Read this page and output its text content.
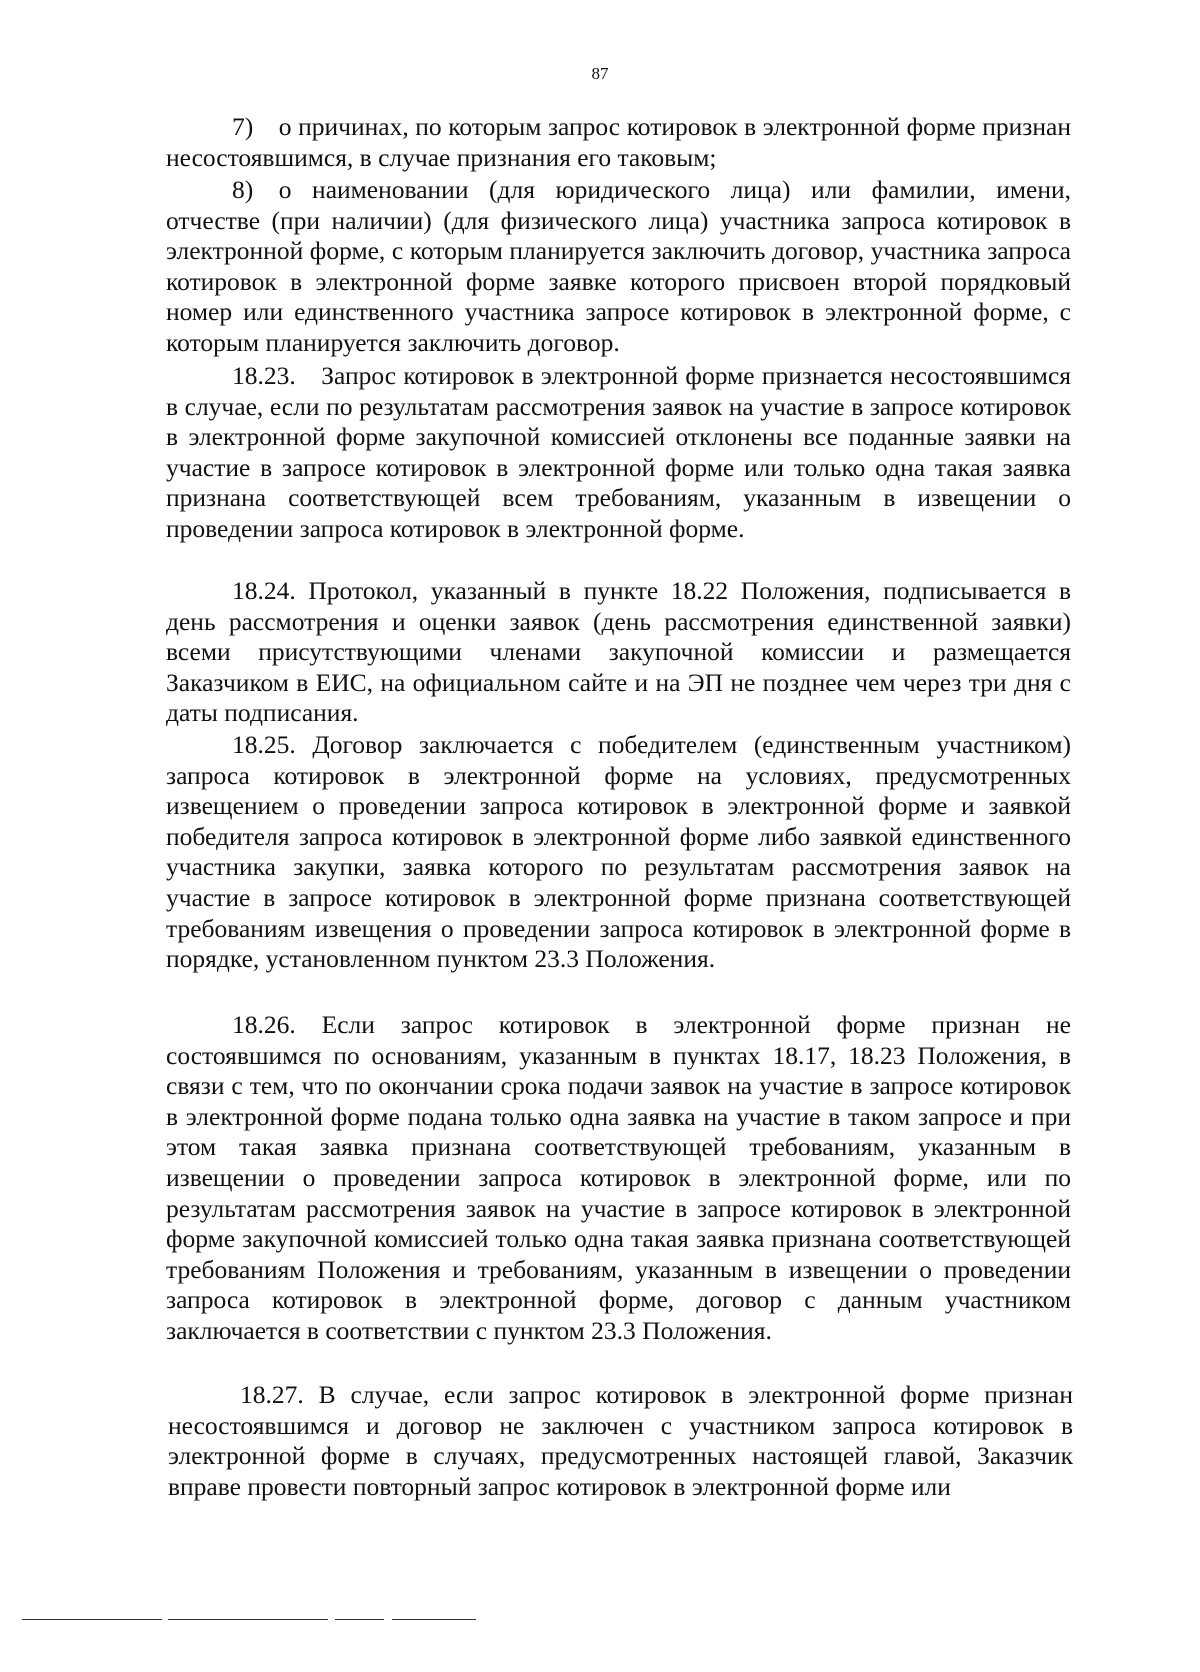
87

7) о причинах, по которым запрос котировок в электронной форме признан несостоявшимся, в случае признания его таковым;

8) о наименовании (для юридического лица) или фамилии, имени, отчестве (при наличии) (для физического лица) участника запроса котировок в электронной форме, с которым планируется заключить договор, участника запроса котировок в электронной форме заявке которого присвоен второй порядковый номер или единственного участника запросе котировок в электронной форме, с которым планируется заключить договор.

18.23. Запрос котировок в электронной форме признается несостоявшимся в случае, если по результатам рассмотрения заявок на участие в запросе котировок в электронной форме закупочной комиссией отклонены все поданные заявки на участие в запросе котировок в электронной форме или только одна такая заявка признана соответствующей всем требованиям, указанным в извещении о проведении запроса котировок в электронной форме.

18.24. Протокол, указанный в пункте 18.22 Положения, подписывается в день рассмотрения и оценки заявок (день рассмотрения единственной заявки) всеми присутствующими членами закупочной комиссии и размещается Заказчиком в ЕИС, на официальном сайте и на ЭП не позднее чем через три дня с даты подписания.

18.25. Договор заключается с победителем (единственным участником) запроса котировок в электронной форме на условиях, предусмотренных извещением о проведении запроса котировок в электронной форме и заявкой победителя запроса котировок в электронной форме либо заявкой единственного участника закупки, заявка которого по результатам рассмотрения заявок на участие в запросе котировок в электронной форме признана соответствующей требованиям извещения о проведении запроса котировок в электронной форме в порядке, установленном пунктом 23.3 Положения.

18.26. Если запрос котировок в электронной форме признан не состоявшимся по основаниям, указанным в пунктах 18.17, 18.23 Положения, в связи с тем, что по окончании срока подачи заявок на участие в запросе котировок в электронной форме подана только одна заявка на участие в таком запросе и при этом такая заявка признана соответствующей требованиям, указанным в извещении о проведении запроса котировок в электронной форме, или по результатам рассмотрения заявок на участие в запросе котировок в электронной форме закупочной комиссией только одна такая заявка признана соответствующей требованиям Положения и требованиям, указанным в извещении о проведении запроса котировок в электронной форме, договор с данным участником заключается в соответствии с пунктом 23.3 Положения.

18.27. В случае, если запрос котировок в электронной форме признан несостоявшимся и договор не заключен с участником запроса котировок в электронной форме в случаях, предусмотренных настоящей главой, Заказчик вправе провести повторный запрос котировок в электронной форме или
